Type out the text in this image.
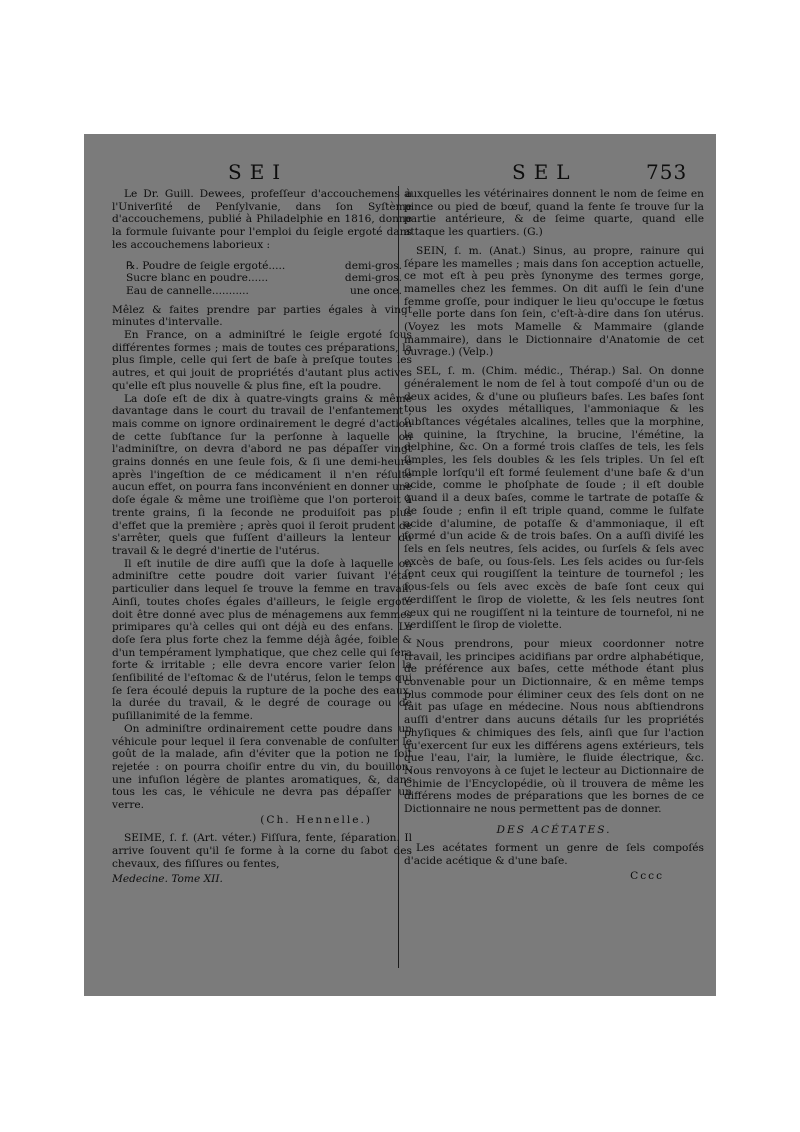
SEI	SEL	753

Le Dr. Guill. Dewees, profeſſeur d'accouchemens à l'Univerſité de Penſylvanie, dans ſon Syſtème d'accouchemens, publié à Philadelphie en 1816, donne la formule ſuivante pour l'emploi du ſeigle ergoté dans les accouchemens laborieux :

℞. Poudre de ſeigle ergoté.....	demi-gros.
Sucre blanc en poudre......	demi-gros.
Eau de cannelle...........	une once.

Mêlez & faites prendre par parties égales à vingt minutes d'intervalle.

En France, on a adminiſtré le ſeigle ergoté ſous différentes formes ; mais de toutes ces préparations, la plus ſimple, celle qui ſert de baſe à preſque toutes les autres, et qui jouit de propriétés d'autant plus actives qu'elle eſt plus nouvelle & plus fine, eſt la poudre.

La doſe eſt de dix à quatre-vingts grains & même davantage dans le court du travail de l'enfantement ; mais comme on ignore ordinairement le degré d'action de cette ſubſtance ſur la perſonne à laquelle on l'adminiſtre, on devra d'abord ne pas dépaſſer vingt grains donnés en une ſeule fois, & ſi une demi-heure après l'ingeſtion de ce médicament il n'en réſulte aucun effet, on pourra fans inconvénient en donner une doſe égale & même une troiſième que l'on porteroit à trente grains, ſi la ſeconde ne produiſoit pas plus d'effet que la première ; après quoi il ſeroit prudent de s'arrêter, quels que fuſſent d'ailleurs la lenteur du travail & le degré d'inertie de l'utérus.

Il eſt inutile de dire auſſi que la doſe à laquelle on adminiſtre cette poudre doit varier ſuivant l'état particulier dans lequel ſe trouve la femme en travail. Ainſi, toutes choſes égales d'ailleurs, le ſeigle ergoté doit être donné avec plus de ménagemens aux femmes primipares qu'à celles qui ont déjà eu des enfans. La doſe ſera plus forte chez la femme déjà âgée, foible & d'un tempérament lymphatique, que chez celle qui ſera forte & irritable ; elle devra encore varier ſelon la ſenſibilité de l'eſtomac & de l'utérus, ſelon le temps qui ſe ſera écoulé depuis la rupture de la poche des eaux, la durée du travail, & le degré de courage ou de puſillanimité de la femme.

On adminiſtre ordinairement cette poudre dans un véhicule pour lequel il ſera convenable de conſulter le goût de la malade, afin d'éviter que la potion ne ſoit rejetée : on pourra choiſir entre du vin, du bouillon, une infuſion légère de plantes aromatiques, &, dans tous les cas, le véhicule ne devra pas dépaſſer un verre.

(Ch. Hennelle.)

SEIME, ſ. f. (Art. véter.) Fiſſura, fente, ſéparation. Il arrive ſouvent qu'il ſe forme à la corne du ſabot des chevaux, des fiſſures ou fentes,

Medecine. Tome XII.

auxquelles les vétérinaires donnent le nom de ſeime en pince ou pied de bœuf, quand la fente ſe trouve ſur la partie antérieure, & de ſeime quarte, quand elle attaque les quartiers. (G.)

SEIN, ſ. m. (Anat.) Sinus, au propre, rainure qui ſépare les mamelles ; mais dans ſon acception actuelle, ce mot eſt à peu près ſynonyme des termes gorge, mamelles chez les femmes. On dit auſſi le ſein d'une femme groſſe, pour indiquer le lieu qu'occupe le fœtus : elle porte dans ſon ſein, c'eſt-à-dire dans ſon utérus. (Voyez les mots Mamelle & Mammaire (glande mammaire), dans le Dictionnaire d'Anatomie de cet ouvrage.) (Velp.)

SEL, ſ. m. (Chim. médic., Thérap.) Sal. On donne généralement le nom de ſel à tout compoſé d'un ou de deux acides, & d'une ou pluſieurs baſes. Les baſes ſont tous les oxydes métalliques, l'ammoniaque & les ſubſtances végétales alcalines, telles que la morphine, la quinine, la ſtrychine, la brucine, l'émétine, la delphine, &c. On a formé trois claſſes de tels, les ſels ſimples, les ſels doubles & les ſels triples. Un ſel eſt ſimple lorſqu'il eſt formé ſeulement d'une baſe & d'un acide, comme le phoſphate de ſoude ; il eſt double quand il a deux baſes, comme le tartrate de potaſſe & de ſoude ; enfin il eſt triple quand, comme le ſulfate acide d'alumine, de potaſſe & d'ammoniaque, il eſt formé d'un acide & de trois baſes. On a auſſi diviſé les ſels en ſels neutres, ſels acides, ou ſurſels & ſels avec excès de baſe, ou ſous-ſels. Les ſels acides ou ſur-ſels ſont ceux qui rougiſſent la teinture de tournefol ; les ſous-ſels ou ſels avec excès de baſe ſont ceux qui verdiſſent le ſirop de violette, & les ſels neutres ſont ceux qui ne rougiſſent ni la teinture de tournefol, ni ne verdiſſent le ſirop de violette.

Nous prendrons, pour mieux coordonner notre travail, les principes acidifians par ordre alphabétique, de préférence aux baſes, cette méthode étant plus convenable pour un Dictionnaire, & en même temps plus commode pour éliminer ceux des ſels dont on ne fait pas uſage en médecine. Nous nous abſtiendrons auſſi d'entrer dans aucuns détails ſur les propriétés phyſiques & chimiques des ſels, ainſi que ſur l'action qu'exercent ſur eux les différens agens extérieurs, tels que l'eau, l'air, la lumière, le fluide électrique, &c. Nous renvoyons à ce ſujet le lecteur au Dictionnaire de Chimie de l'Encyclopédie, où il trouvera de même les différens modes de préparations que les bornes de ce Dictionnaire ne nous permettent pas de donner.

DES ACÉTATES.

Les acétates forment un genre de ſels compoſés d'acide acétique & d'une baſe.

Cccc
